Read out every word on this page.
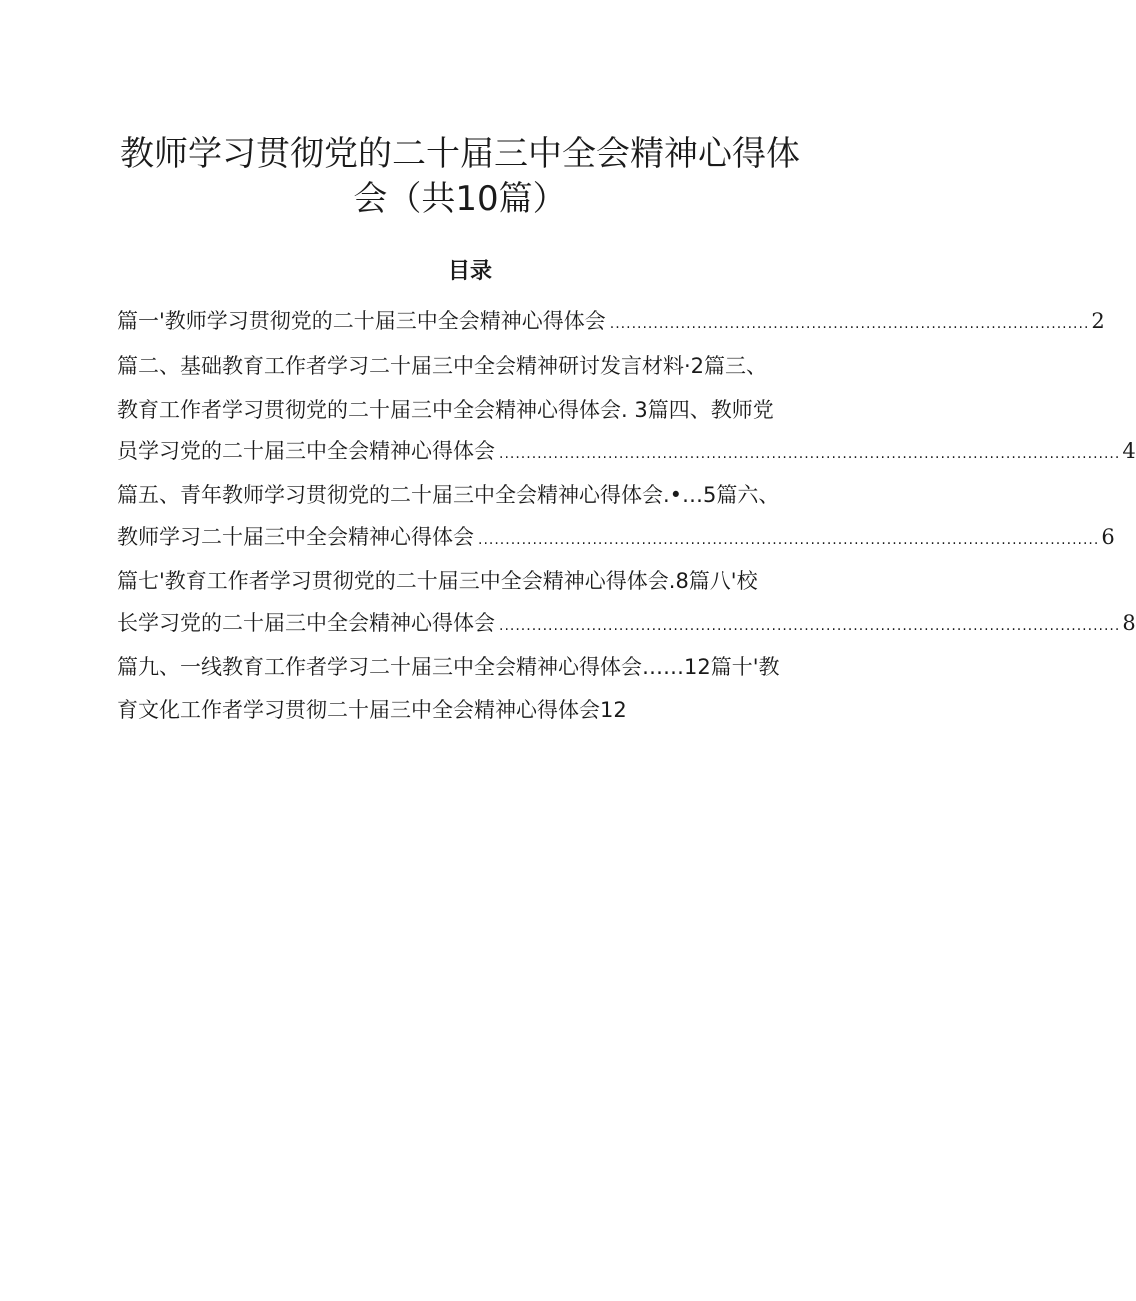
教师学习贯彻党的二十届三中全会精神心得体
会（共10篇）
目录
篇一'教师学习贯彻党的二十届三中全会精神心得体会 ........................................................................................ 2
篇二、基础教育工作者学习二十届三中全会精神研讨发言材料·2篇三、
教育工作者学习贯彻党的二十届三中全会精神心得体会. 3篇四、教师党
员学习党的二十届三中全会精神心得体会 .................................................................................................................. 4
篇五、青年教师学习贯彻党的二十届三中全会精神心得体会.•…5篇六、
教师学习二十届三中全会精神心得体会 .................................................................................................................. 6
篇七'教育工作者学习贯彻党的二十届三中全会精神心得体会.8篇八'校
长学习党的二十届三中全会精神心得体会 .................................................................................................................. 8
篇九、一线教育工作者学习二十届三中全会精神心得体会……12篇十'教
育文化工作者学习贯彻二十届三中全会精神心得体会12
